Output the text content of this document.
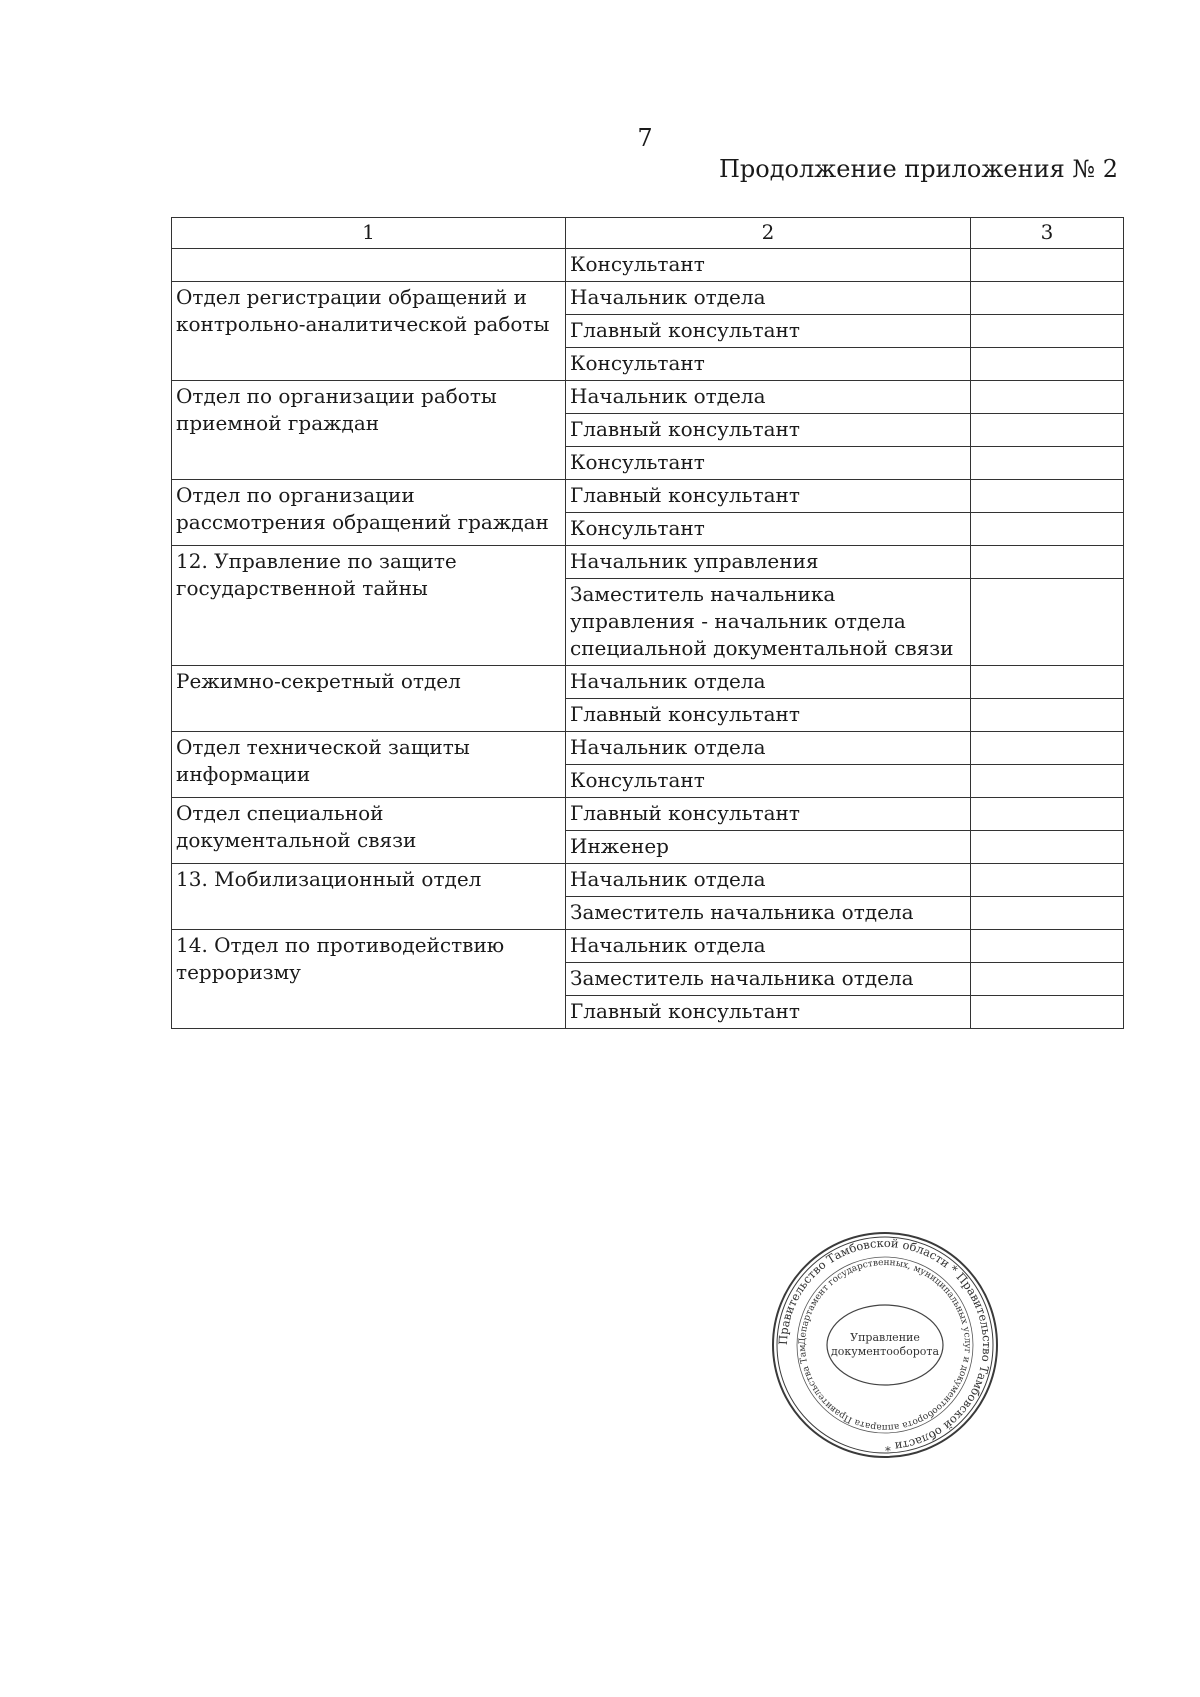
7
Продолжение приложения № 2
1	2	3
	Консультант	
Отдел регистрации обращений и контрольно-аналитической работы	Начальник отдела	
	Главный консультант	
	Консультант	
Отдел по организации работы приемной граждан	Начальник отдела	
	Главный консультант	
	Консультант	
Отдел по организации рассмотрения обращений граждан	Главный консультант	
	Консультант	
12. Управление по защите государственной тайны	Начальник управления	
	Заместитель начальника управления - начальник отдела специальной документальной связи	
Режимно-секретный отдел	Начальник отдела	
	Главный консультант	
Отдел технической защиты информации	Начальник отдела	
	Консультант	
Отдел специальной документальной связи	Главный консультант	
	Инженер	
13. Мобилизационный отдел	Начальник отдела	
	Заместитель начальника отдела	
14. Отдел по противодействию терроризму	Начальник отдела	
	Заместитель начальника отдела	
	Главный консультант	
Правительство Тамбовской области * Правительство Тамбовской области *
Департамент государственных, муниципальных услуг и документооборота аппарата Правительства Там
Управление
документооборота
